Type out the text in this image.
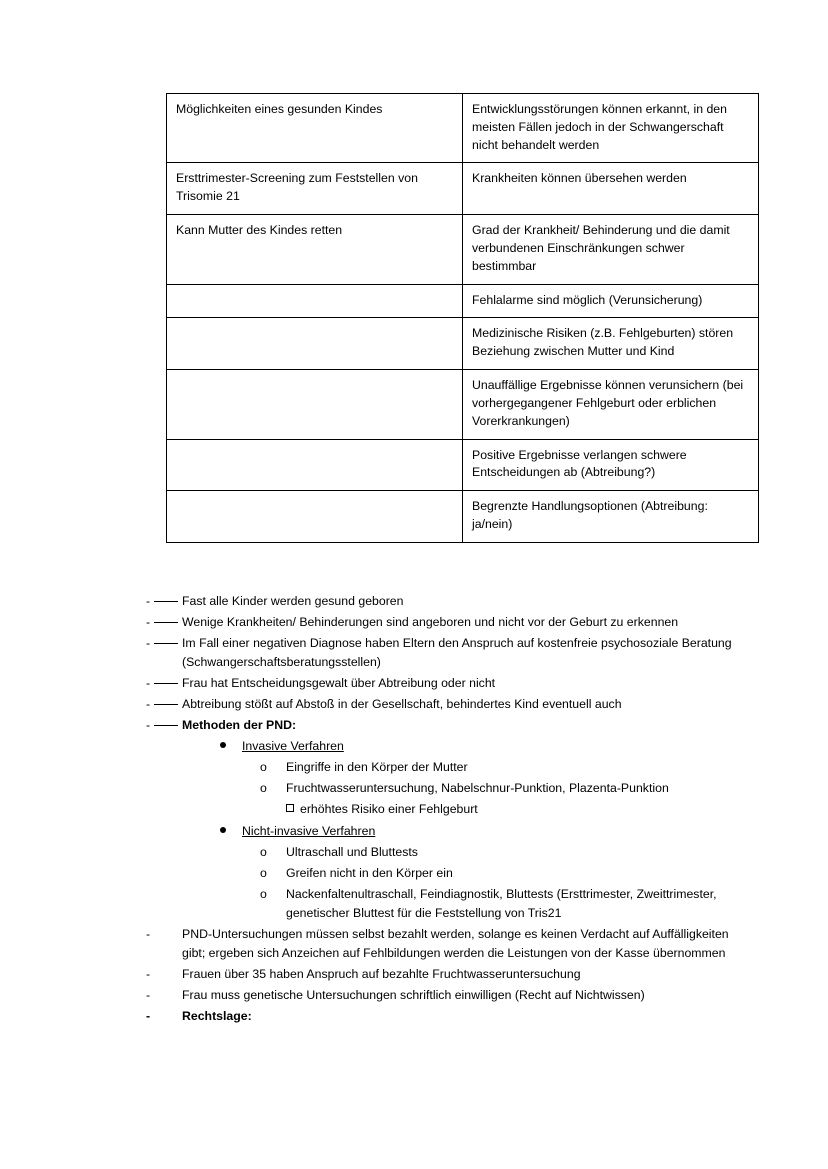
Möglichkeiten eines gesunden Kindes	Entwicklungsstörungen können erkannt, in den meisten Fällen jedoch in der Schwangerschaft nicht behandelt werden
Ersttrimester-Screening zum Feststellen von Trisomie 21	Krankheiten können übersehen werden
Kann Mutter des Kindes retten	Grad der Krankheit/ Behinderung und die damit verbundenen Einschränkungen schwer bestimmbar
	Fehlalarme sind möglich (Verunsicherung)
	Medizinische Risiken (z.B. Fehlgeburten) stören Beziehung zwischen Mutter und Kind
	Unauffällige Ergebnisse können verunsichern (bei vorhergegangener Fehlgeburt oder erblichen Vorerkrankungen)
	Positive Ergebnisse verlangen schwere Entscheidungen ab (Abtreibung?)
	Begrenzte Handlungsoptionen (Abtreibung: ja/nein)
-	Fast alle Kinder werden gesund geboren
-	Wenige Krankheiten/ Behinderungen sind angeboren und nicht vor der Geburt zu erkennen
-	Im Fall einer negativen Diagnose haben Eltern den Anspruch auf kostenfreie psychosoziale Beratung (Schwangerschaftsberatungsstellen)
-	Frau hat Entscheidungsgewalt über Abtreibung oder nicht
-	Abtreibung stößt auf Abstoß in der Gesellschaft, behindertes Kind eventuell auch
-	Methoden der PND:
Invasive Verfahren
o	Eingriffe in den Körper der Mutter
o	Fruchtwasseruntersuchung, Nabelschnur-Punktion, Plazenta-Punktion
erhöhtes Risiko einer Fehlgeburt
Nicht-invasive Verfahren
o	Ultraschall und Bluttests
o	Greifen nicht in den Körper ein
o	Nackenfaltenultraschall, Feindiagnostik, Bluttests (Ersttrimester, Zweittrimester, genetischer Bluttest für die Feststellung von Tris21
-	PND-Untersuchungen müssen selbst bezahlt werden, solange es keinen Verdacht auf Auffälligkeiten gibt; ergeben sich Anzeichen auf Fehlbildungen werden die Leistungen von der Kasse übernommen
-	Frauen über 35 haben Anspruch auf bezahlte Fruchtwasseruntersuchung
-	Frau muss genetische Untersuchungen schriftlich einwilligen (Recht auf Nichtwissen)
-	Rechtslage:
